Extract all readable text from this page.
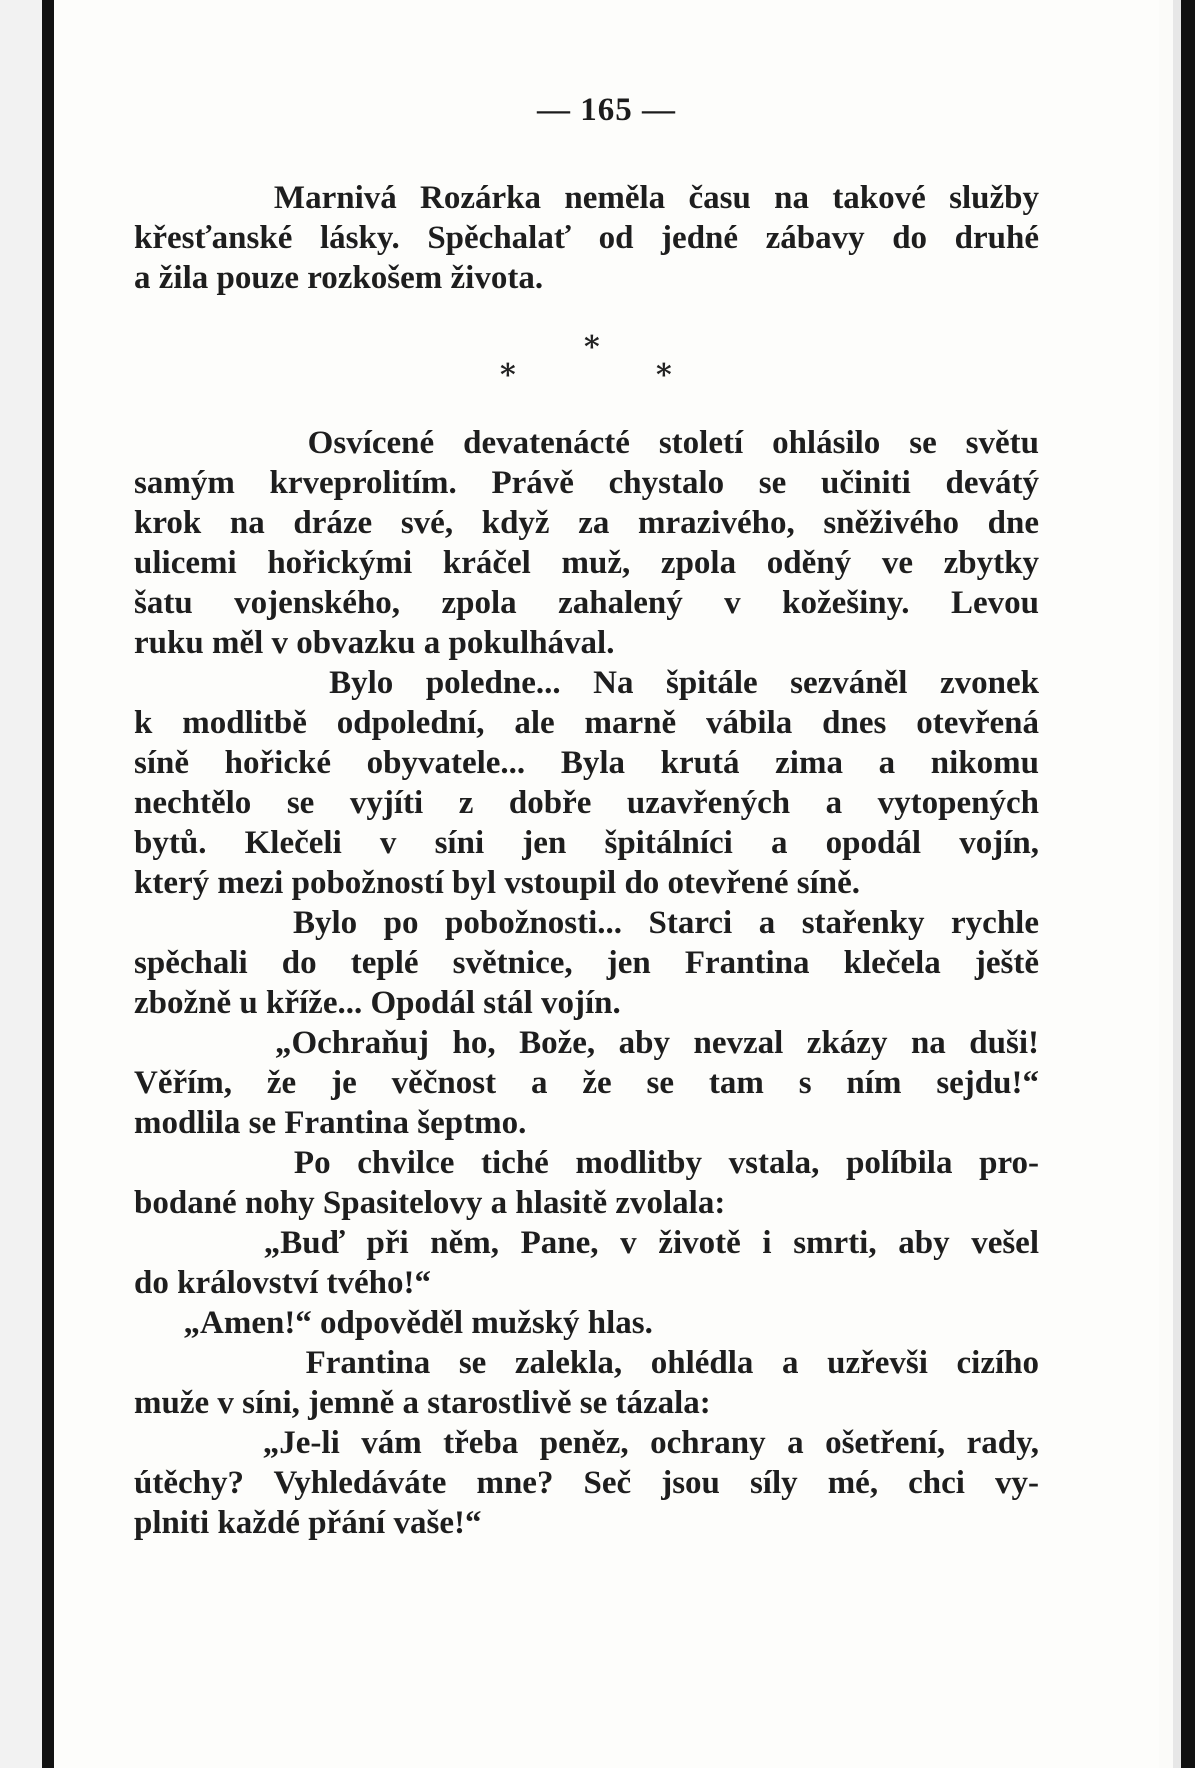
— 165 —
Marnivá Rozárka neměla času na takové služby
křesťanské lásky. Spěchalať od jedné zábavy do druhé
a žila pouze rozkošem života.
*
*	*
Osvícené devatenácté století ohlásilo se světu
samým krveprolitím. Právě chystalo se učiniti devátý
krok na dráze své, když za mrazivého, sněživého dne
ulicemi hořickými kráčel muž, zpola oděný ve zbytky
šatu vojenského, zpola zahalený v kožešiny. Levou
ruku měl v obvazku a pokulhával.
Bylo poledne... Na špitále sezváněl zvonek
k modlitbě odpolední, ale marně vábila dnes otevřená
síně hořické obyvatele... Byla krutá zima a nikomu
nechtělo se vyjíti z dobře uzavřených a vytopených
bytů. Klečeli v síni jen špitálníci a opodál vojín,
který mezi pobožností byl vstoupil do otevřené síně.
Bylo po pobožnosti... Starci a stařenky rychle
spěchali do teplé světnice, jen Frantina klečela ještě
zbožně u kříže... Opodál stál vojín.
„Ochraňuj ho, Bože, aby nevzal zkázy na duši!
Věřím, že je věčnost a že se tam s ním sejdu!“
modlila se Frantina šeptmo.
Po chvilce tiché modlitby vstala, políbila pro-
bodané nohy Spasitelovy a hlasitě zvolala:
„Buď při něm, Pane, v životě i smrti, aby vešel
do království tvého!“
„Amen!“ odpověděl mužský hlas.
Frantina se zalekla, ohlédla a uzřevši cizího
muže v síni, jemně a starostlivě se tázala:
„Je-li vám třeba peněz, ochrany a ošetření, rady,
útěchy? Vyhledáváte mne? Seč jsou síly mé, chci vy-
plniti každé přání vaše!“
